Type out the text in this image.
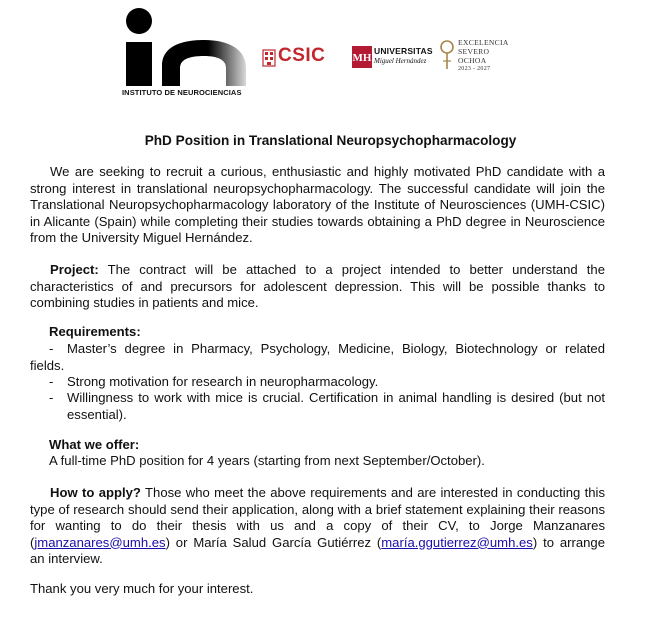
INSTITUTO DE NEUROCIENCIAS
CSIC MH
UNIVERSITAS
Miguel Hernández
EXCELENCIA
SEVERO
OCHOA
2023 - 2027
PhD Position in Translational Neuropsychopharmacology

We are seeking to recruit a curious, enthusiastic and highly motivated PhD candidate with a strong interest in translational neuropsychopharmacology. The successful candidate will join the Translational Neuropsychopharmacology laboratory of the Institute of Neurosciences (UMH-CSIC) in Alicante (Spain) while completing their studies towards obtaining a PhD degree in Neuroscience from the University Miguel Hernández.

Project: The contract will be attached to a project intended to better understand the characteristics of and precursors for adolescent depression. This will be possible thanks to combining studies in patients and mice.

Requirements:
-	Master’s degree in Pharmacy, Psychology, Medicine, Biology, Biotechnology or related fields.
-	Strong motivation for research in neuropharmacology.
-	Willingness to work with mice is crucial. Certification in animal handling is desired (but not essential).
What we offer:
A full-time PhD position for 4 years (starting from next September/October).

How to apply? Those who meet the above requirements and are interested in conducting this type of research should send their application, along with a brief statement explaining their reasons for wanting to do their thesis with us and a copy of their CV, to Jorge Manzanares (jmanzanares@umh.es) or María Salud García Gutiérrez (maría.ggutierrez@umh.es) to arrange an interview.

Thank you very much for your interest.
